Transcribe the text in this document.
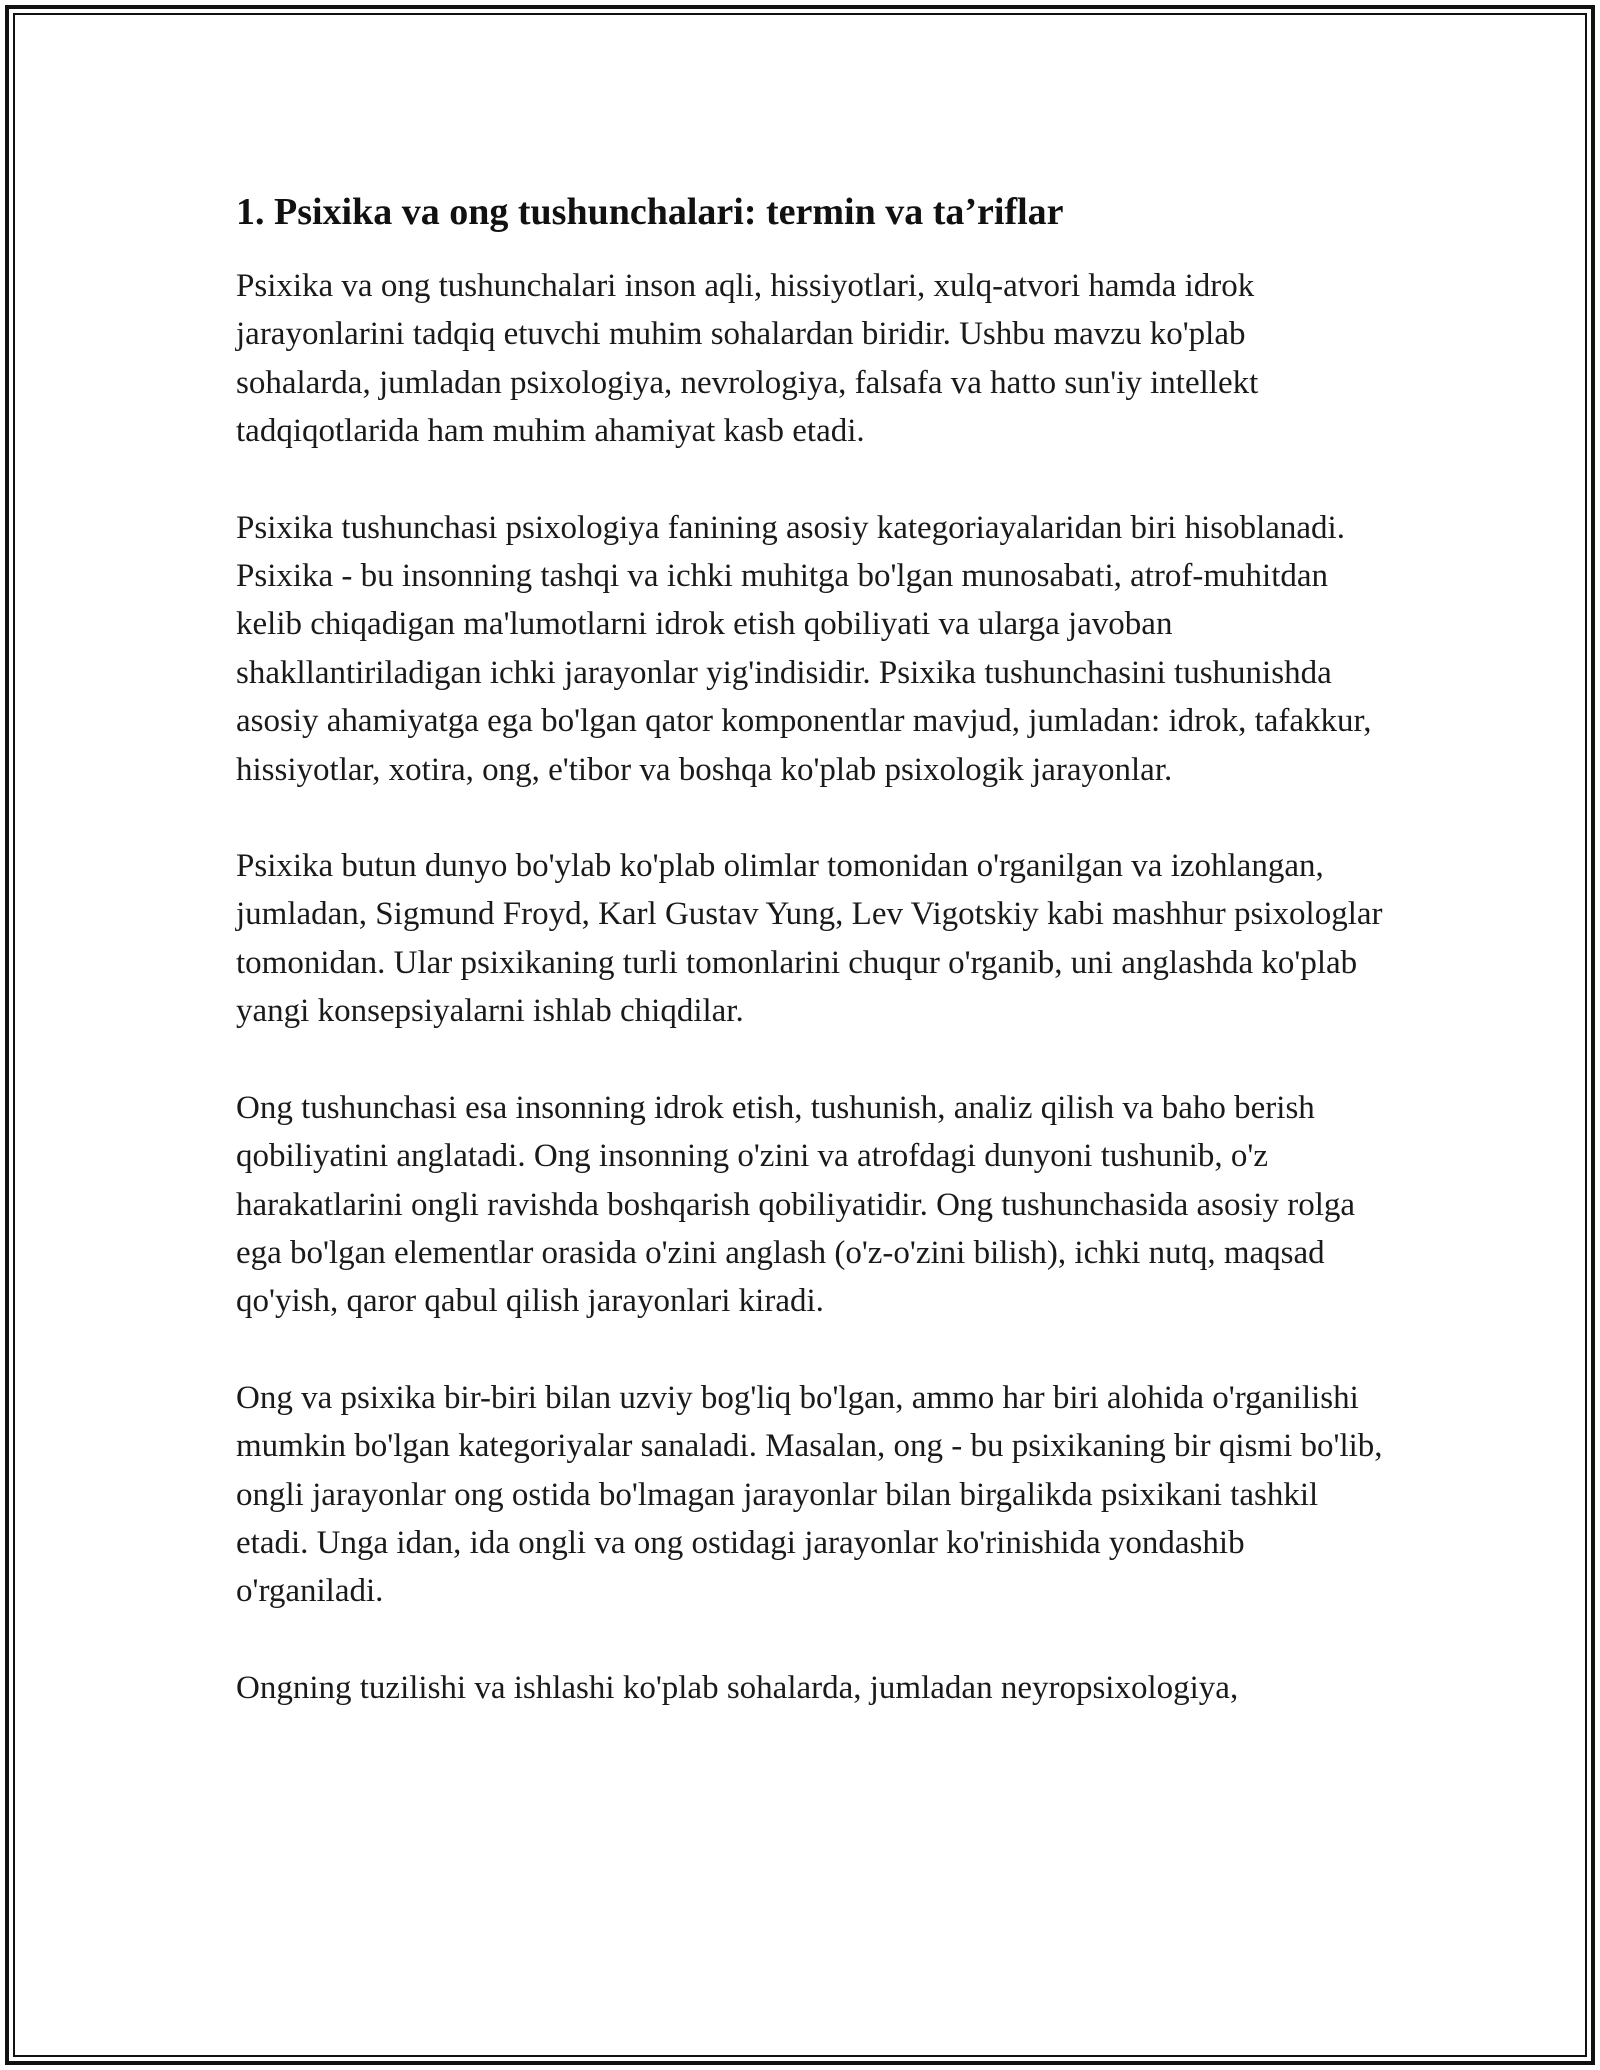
1. Psixika va ong tushunchalari: termin va ta’riflar

Psixika va ong tushunchalari inson aqli, hissiyotlari, xulq-atvori hamda idrok jarayonlarini tadqiq etuvchi muhim sohalardan biridir. Ushbu mavzu ko'plab sohalarda, jumladan psixologiya, nevrologiya, falsafa va hatto sun'iy intellekt tadqiqotlarida ham muhim ahamiyat kasb etadi.

Psixika tushunchasi psixologiya fanining asosiy kategoriayalaridan biri hisoblanadi. Psixika - bu insonning tashqi va ichki muhitga bo'lgan munosabati, atrof-muhitdan kelib chiqadigan ma'lumotlarni idrok etish qobiliyati va ularga javoban shakllantiriladigan ichki jarayonlar yig'indisidir. Psixika tushunchasini tushunishda asosiy ahamiyatga ega bo'lgan qator komponentlar mavjud, jumladan: idrok, tafakkur, hissiyotlar, xotira, ong, e'tibor va boshqa ko'plab psixologik jarayonlar.

Psixika butun dunyo bo'ylab ko'plab olimlar tomonidan o'rganilgan va izohlangan, jumladan, Sigmund Froyd, Karl Gustav Yung, Lev Vigotskiy kabi mashhur psixologlar tomonidan. Ular psixikaning turli tomonlarini chuqur o'rganib, uni anglashda ko'plab yangi konsepsiyalarni ishlab chiqdilar.

Ong tushunchasi esa insonning idrok etish, tushunish, analiz qilish va baho berish qobiliyatini anglatadi. Ong insonning o'zini va atrofdagi dunyoni tushunib, o'z harakatlarini ongli ravishda boshqarish qobiliyatidir. Ong tushunchasida asosiy rolga ega bo'lgan elementlar orasida o'zini anglash (o'z-o'zini bilish), ichki nutq, maqsad qo'yish, qaror qabul qilish jarayonlari kiradi.

Ong va psixika bir-biri bilan uzviy bog'liq bo'lgan, ammo har biri alohida o'rganilishi mumkin bo'lgan kategoriyalar sanaladi. Masalan, ong - bu psixikaning bir qismi bo'lib, ongli jarayonlar ong ostida bo'lmagan jarayonlar bilan birgalikda psixikani tashkil etadi. Unga idan, ida ongli va ong ostidagi jarayonlar ko'rinishida yondashib o'rganiladi.

Ongning tuzilishi va ishlashi ko'plab sohalarda, jumladan neyropsixologiya,
